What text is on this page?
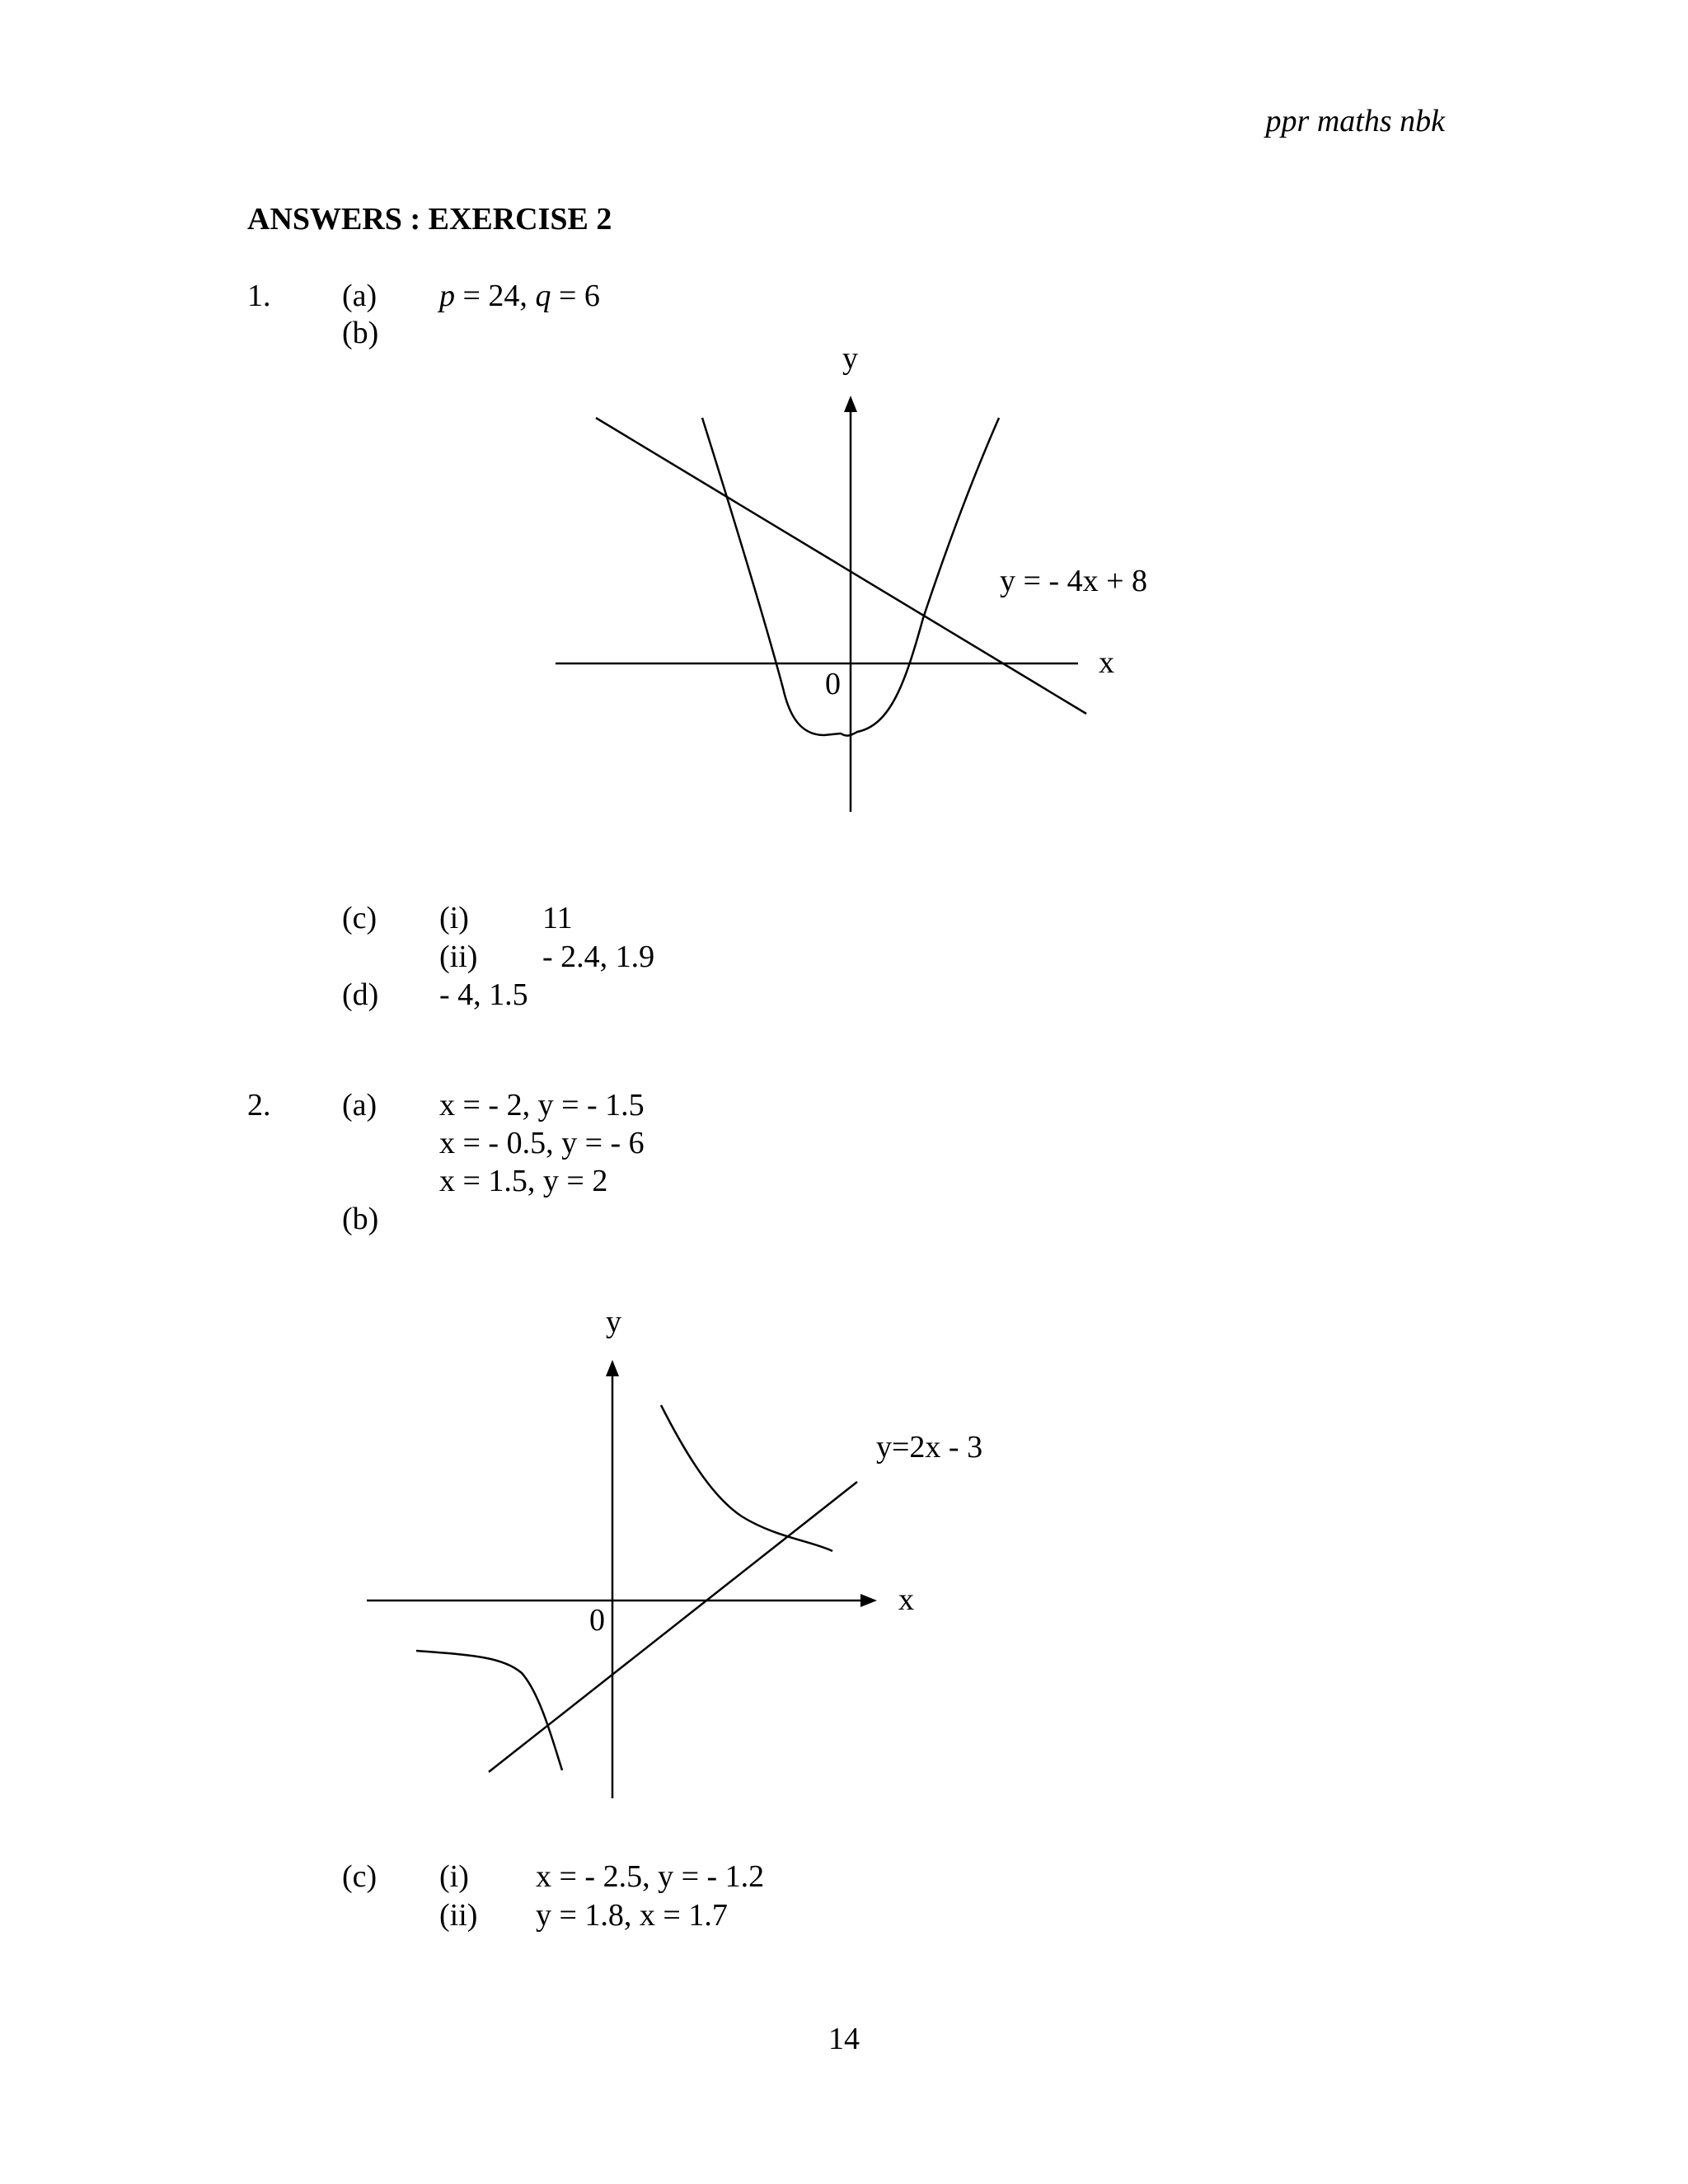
ppr maths nbk
ANSWERS : EXERCISE 2
1. (a) p = 24, q = 6
(b)
(c) (i) 11
(ii) - 2.4, 1.9
(d) - 4, 1.5
2. (a) x = - 2, y = - 1.5
x = - 0.5, y = - 6
x = 1.5, y = 2
(b)
(c) (i) x = - 2.5, y = - 1.2
(ii) y = 1.8, x = 1.7
14
y
x
0
y = - 4x + 8
y
x
0
y=2x - 3
